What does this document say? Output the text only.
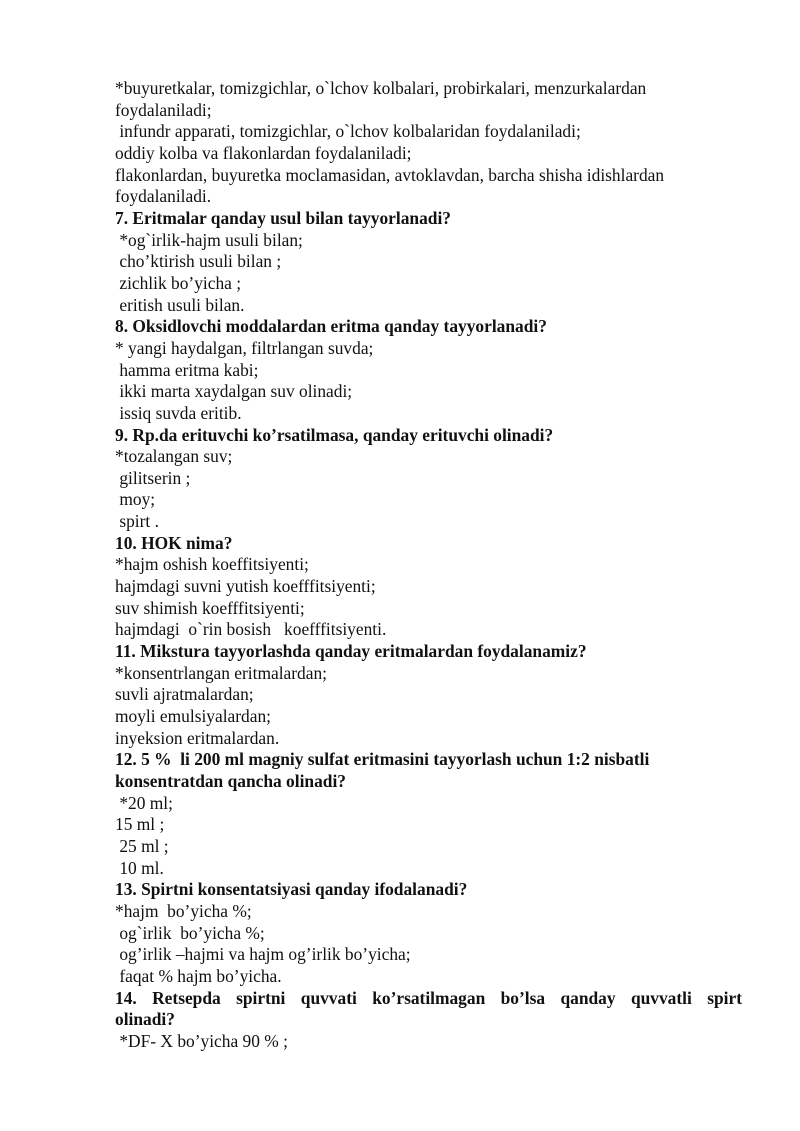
*buyuretkalar, tomizgichlar, o`lchov kolbalari, probirkalari, menzurkalardan

foydalaniladi;

infundr apparati, tomizgichlar, o`lchov kolbalaridan foydalaniladi;

oddiy kolba va flakonlardan foydalaniladi;

flakonlardan, buyuretka moclamasidan, avtoklavdan, barcha shisha idishlardan

foydalaniladi.

7. Eritmalar qanday usul bilan tayyorlanadi?

*og`irlik-hajm usuli bilan;

cho’ktirish usuli bilan ;

zichlik bo’yicha ;

eritish usuli bilan.

8. Oksidlovchi moddalardan eritma qanday tayyorlanadi?

* yangi haydalgan, filtrlangan suvda;

hamma eritma kabi;

ikki marta xaydalgan suv olinadi;

issiq suvda eritib.

9. Rp.da erituvchi ko’rsatilmasa, qanday erituvchi olinadi?

*tozalangan suv;

gilitserin ;

moy;

spirt .

10. HOK nima?

*hajm oshish koeffitsiyenti;

hajmdagi suvni yutish koefffitsiyenti;

suv shimish koefffitsiyenti;

hajmdagi  o`rin bosish   koefffitsiyenti.

11. Mikstura tayyorlashda qanday eritmalardan foydalanamiz?

*konsentrlangan eritmalardan;

suvli ajratmalardan;

moyli emulsiyalardan;

inyeksion eritmalardan.

12. 5 %  li 200 ml magniy sulfat eritmasini tayyorlash uchun 1:2 nisbatli

konsentratdan qancha olinadi?

*20 ml;

15 ml ;

25 ml ;

10 ml.

13. Spirtni konsentatsiyasi qanday ifodalanadi?

*hajm  bo’yicha %;

og`irlik  bo’yicha %;

og’irlik –hajmi va hajm og’irlik bo’yicha;

faqat % hajm bo’yicha.

14. Retsepda spirtni quvvati ko’rsatilmagan bo’lsa qanday quvvatli spirt

olinadi?

*DF- X bo’yicha 90 % ;
